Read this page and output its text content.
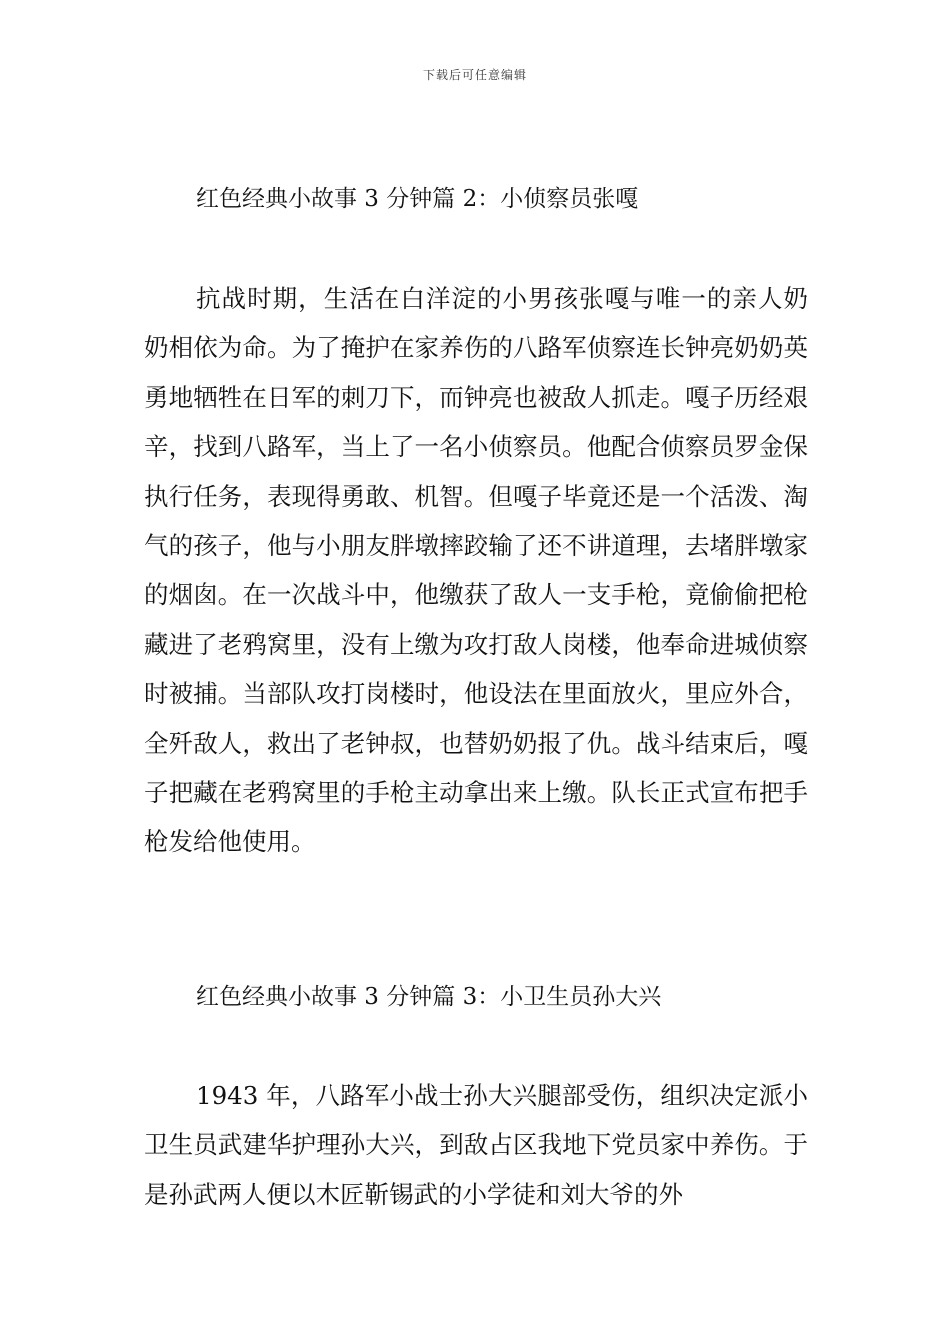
下载后可任意编辑
红色经典小故事 3 分钟篇 2：小侦察员张嘎
抗战时期，生活在白洋淀的小男孩张嘎与唯一的亲人奶奶相依为命。为了掩护在家养伤的八路军侦察连长钟亮奶奶英勇地牺牲在日军的刺刀下，而钟亮也被敌人抓走。嘎子历经艰辛，找到八路军，当上了一名小侦察员。他配合侦察员罗金保执行任务，表现得勇敢、机智。但嘎子毕竟还是一个活泼、淘气的孩子，他与小朋友胖墩摔跤输了还不讲道理，去堵胖墩家的烟囱。在一次战斗中，他缴获了敌人一支手枪，竟偷偷把枪藏进了老鸦窝里，没有上缴为攻打敌人岗楼，他奉命进城侦察时被捕。当部队攻打岗楼时，他设法在里面放火，里应外合，全歼敌人，救出了老钟叔，也替奶奶报了仇。战斗结束后，嘎子把藏在老鸦窝里的手枪主动拿出来上缴。队长正式宣布把手枪发给他使用。
红色经典小故事 3 分钟篇 3：小卫生员孙大兴
1943 年，八路军小战士孙大兴腿部受伤，组织决定派小卫生员武建华护理孙大兴，到敌占区我地下党员家中养伤。于是孙武两人便以木匠靳锡武的小学徒和刘大爷的外
